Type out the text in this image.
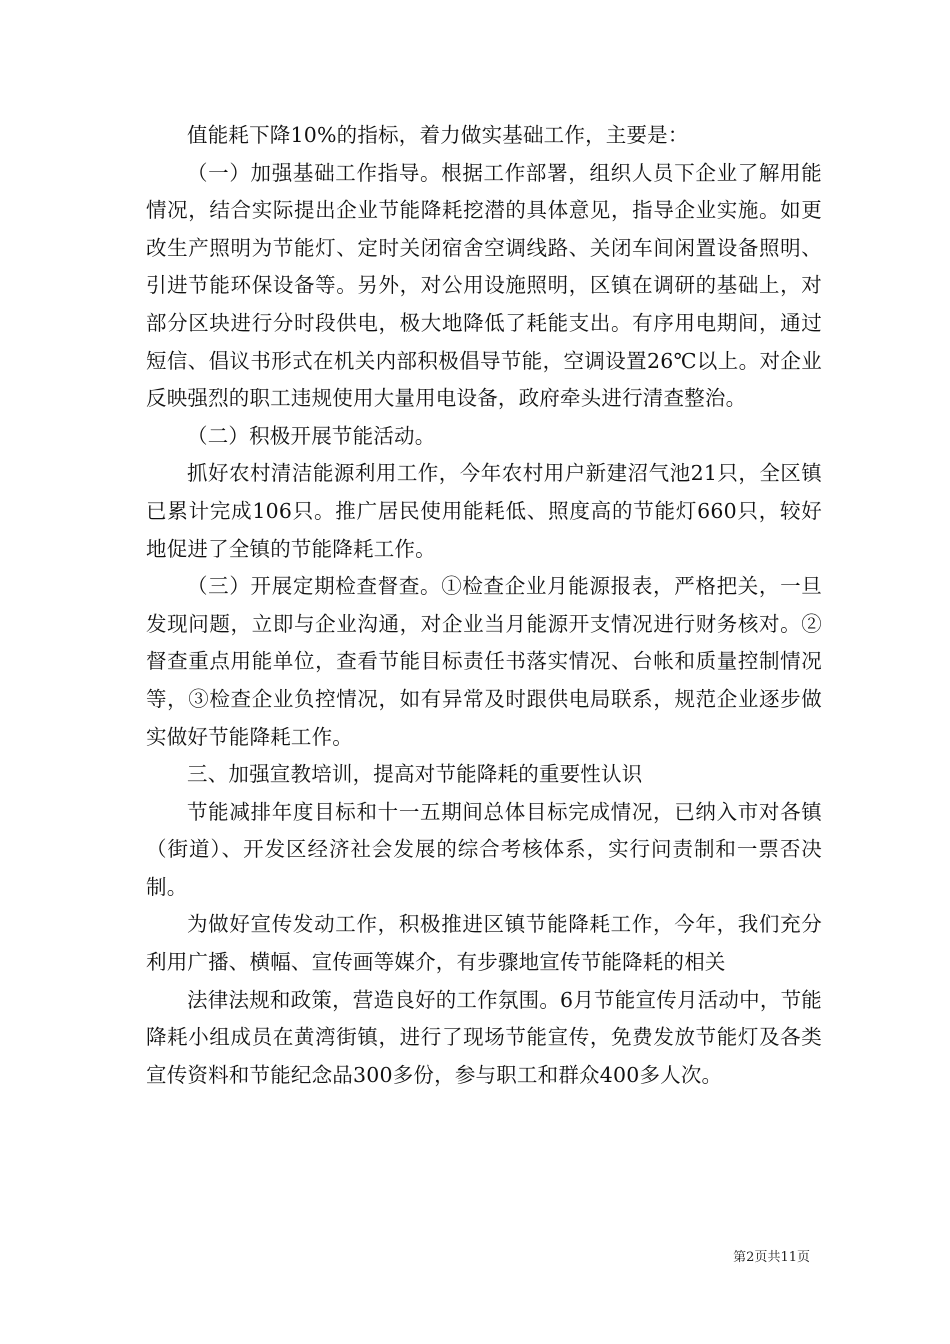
值能耗下降10%的指标，着力做实基础工作，主要是：

（一）加强基础工作指导。根据工作部署，组织人员下企业了解用能情况，结合实际提出企业节能降耗挖潜的具体意见，指导企业实施。如更改生产照明为节能灯、定时关闭宿舍空调线路、关闭车间闲置设备照明、引进节能环保设备等。另外，对公用设施照明，区镇在调研的基础上，对部分区块进行分时段供电，极大地降低了耗能支出。有序用电期间，通过短信、倡议书形式在机关内部积极倡导节能，空调设置26℃以上。对企业反映强烈的职工违规使用大量用电设备，政府牵头进行清查整治。

（二）积极开展节能活动。

抓好农村清洁能源利用工作，今年农村用户新建沼气池21只，全区镇已累计完成106只。推广居民使用能耗低、照度高的节能灯660只，较好地促进了全镇的节能降耗工作。

（三）开展定期检查督查。①检查企业月能源报表，严格把关，一旦发现问题，立即与企业沟通，对企业当月能源开支情况进行财务核对。②督查重点用能单位，查看节能目标责任书落实情况、台帐和质量控制情况等，③检查企业负控情况，如有异常及时跟供电局联系，规范企业逐步做实做好节能降耗工作。

三、加强宣教培训，提高对节能降耗的重要性认识

节能减排年度目标和十一五期间总体目标完成情况，已纳入市对各镇（街道）、开发区经济社会发展的综合考核体系，实行问责制和一票否决制。

为做好宣传发动工作，积极推进区镇节能降耗工作，今年，我们充分利用广播、横幅、宣传画等媒介，有步骤地宣传节能降耗的相关

法律法规和政策，营造良好的工作氛围。6月节能宣传月活动中，节能降耗小组成员在黄湾街镇，进行了现场节能宣传，免费发放节能灯及各类宣传资料和节能纪念品300多份，参与职工和群众400多人次。

第2页共11页
